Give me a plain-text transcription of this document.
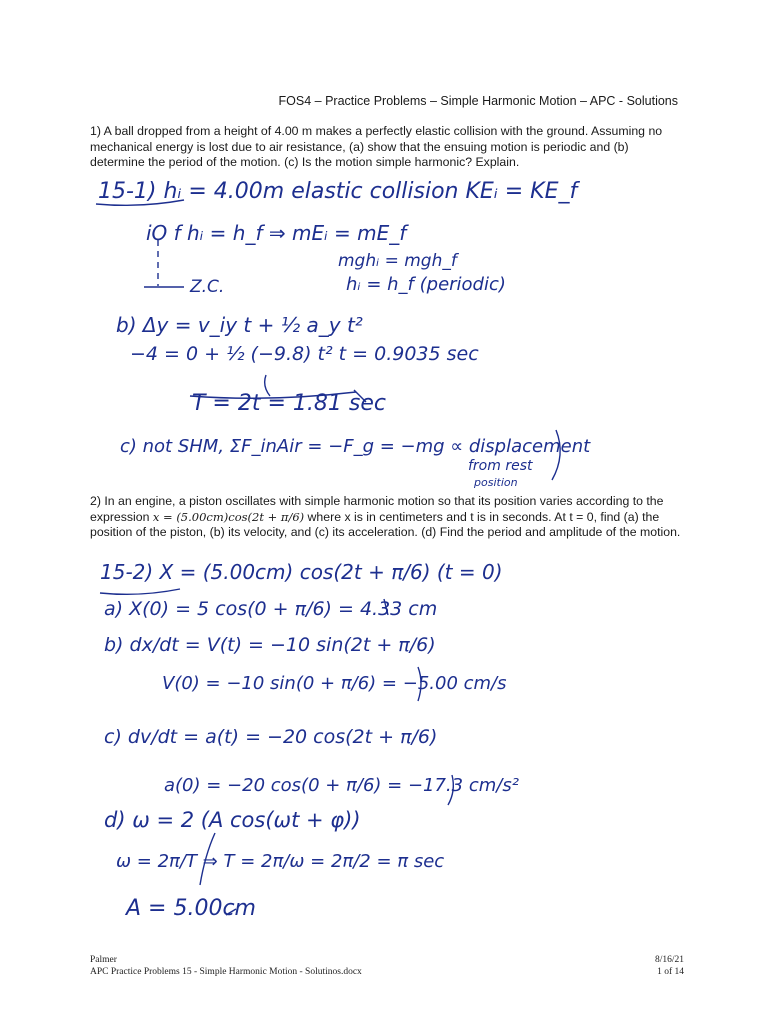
FOS4 – Practice Problems – Simple Harmonic Motion – APC - Solutions
1) A ball dropped from a height of 4.00 m makes a perfectly elastic collision with the ground. Assuming no mechanical energy is lost due to air resistance, (a) show that the ensuing motion is periodic and (b) determine the period of the motion. (c) Is the motion simple harmonic? Explain.
15-1) hᵢ = 4.00m elastic collision KEᵢ = KE_f
iO f hᵢ = h_f ⇒ mEᵢ = mE_f
mghᵢ = mgh_f
hᵢ = h_f (periodic)
Z.C.
b) Δy = v_iy t + ½ a_y t²
−4 = 0 + ½ (−9.8) t² t = 0.9035 sec
T = 2t = 1.81 sec
c) not SHM, ΣF_inAir = −F_g = −mg ∝ displacement
from rest
position
2) In an engine, a piston oscillates with simple harmonic motion so that its position varies according to the expression x = (5.00cm)cos(2t + π/6) where x is in centimeters and t is in seconds. At t = 0, find (a) the position of the piston, (b) its velocity, and (c) its acceleration. (d) Find the period and amplitude of the motion.
15-2) X = (5.00cm) cos(2t + π/6) (t = 0)
a) X(0) = 5 cos(0 + π/6) = 4.33 cm
b) dx/dt = V(t) = −10 sin(2t + π/6)
V(0) = −10 sin(0 + π/6) = −5.00 cm/s
c) dv/dt = a(t) = −20 cos(2t + π/6)
a(0) = −20 cos(0 + π/6) = −17.3 cm/s²
d) ω = 2 (A cos(ωt + φ))
ω = 2π/T ⇒ T = 2π/ω = 2π/2 = π sec
A = 5.00cm
Palmer
APC Practice Problems 15 - Simple Harmonic Motion - Solutinos.docx
8/16/21
1 of 14
